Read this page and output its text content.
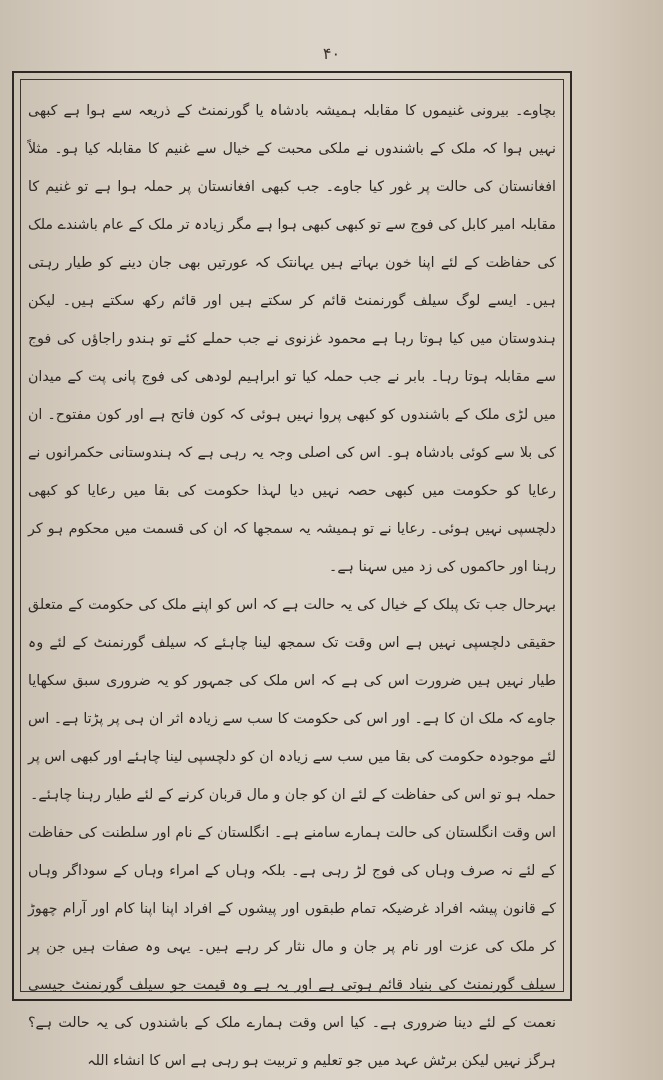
۴۰

بچاوے۔ بیرونی غنیموں کا مقابلہ ہمیشہ بادشاہ یا گورنمنٹ کے ذریعہ سے ہوا ہے کبھی نہیں ہوا کہ ملک کے باشندوں نے ملکی محبت کے خیال سے غنیم کا مقابلہ کیا ہو۔ مثلاً افغانستان کی حالت پر غور کیا جاوے۔ جب کبھی افغانستان پر حملہ ہوا ہے تو غنیم کا مقابلہ امیر کابل کی فوج سے تو کبھی کبھی ہوا ہے مگر زیادہ تر ملک کے عام باشندے ملک کی حفاظت کے لئے اپنا خون بہاتے ہیں یہانتک کہ عورتیں بھی جان دینے کو طیار رہتی ہیں۔ ایسے لوگ سیلف گورنمنٹ قائم کر سکتے ہیں اور قائم رکھ سکتے ہیں۔ لیکن ہندوستان میں کیا ہوتا رہا ہے محمود غزنوی نے جب حملے کئے تو ہندو راجاؤں کی فوج سے مقابلہ ہوتا رہا۔ بابر نے جب حملہ کیا تو ابراہیم لودھی کی فوج پانی پت کے میدان میں لڑی ملک کے باشندوں کو کبھی پروا نہیں ہوئی کہ کون فاتح ہے اور کون مفتوح۔ ان کی بلا سے کوئی بادشاہ ہو۔ اس کی اصلی وجہ یہ رہی ہے کہ ہندوستانی حکمرانوں نے رعایا کو حکومت میں کبھی حصہ نہیں دیا لہذا حکومت کی بقا میں رعایا کو کبھی دلچسپی نہیں ہوئی۔ رعایا نے تو ہمیشہ یہ سمجھا کہ ان کی قسمت میں محکوم ہو کر رہنا اور حاکموں کی زد میں سہنا ہے۔

بہرحال جب تک پبلک کے خیال کی یہ حالت ہے کہ اس کو اپنے ملک کی حکومت کے متعلق حقیقی دلچسپی نہیں ہے اس وقت تک سمجھ لینا چاہئے کہ سیلف گورنمنٹ کے لئے وہ طیار نہیں ہیں ضرورت اس کی ہے کہ اس ملک کی جمہور کو یہ ضروری سبق سکھایا جاوے کہ ملک ان کا ہے۔ اور اس کی حکومت کا سب سے زیادہ اثر ان ہی پر پڑتا ہے۔ اس لئے موجودہ حکومت کی بقا میں سب سے زیادہ ان کو دلچسپی لینا چاہئے اور کبھی اس پر حملہ ہو تو اس کی حفاظت کے لئے ان کو جان و مال قربان کرنے کے لئے طیار رہنا چاہئے۔

اس وقت انگلستان کی حالت ہمارے سامنے ہے۔ انگلستان کے نام اور سلطنت کی حفاظت کے لئے نہ صرف وہاں کی فوج لڑ رہی ہے۔ بلکہ وہاں کے امراء وہاں کے سوداگر وہاں کے قانون پیشہ افراد غرضیکہ تمام طبقوں اور پیشوں کے افراد اپنا اپنا کام اور آرام چھوڑ کر ملک کی عزت اور نام پر جان و مال نثار کر رہے ہیں۔ یہی وہ صفات ہیں جن پر سیلف گورنمنٹ کی بنیاد قائم ہوتی ہے اور یہ ہے وہ قیمت جو سیلف گورنمنٹ جیسی نعمت کے لئے دینا ضروری ہے۔ کیا اس وقت ہمارے ملک کے باشندوں کی یہ حالت ہے؟ ہرگز نہیں لیکن برٹش عہد میں جو تعلیم و تربیت ہو رہی ہے اس کا انشاء اللہ
